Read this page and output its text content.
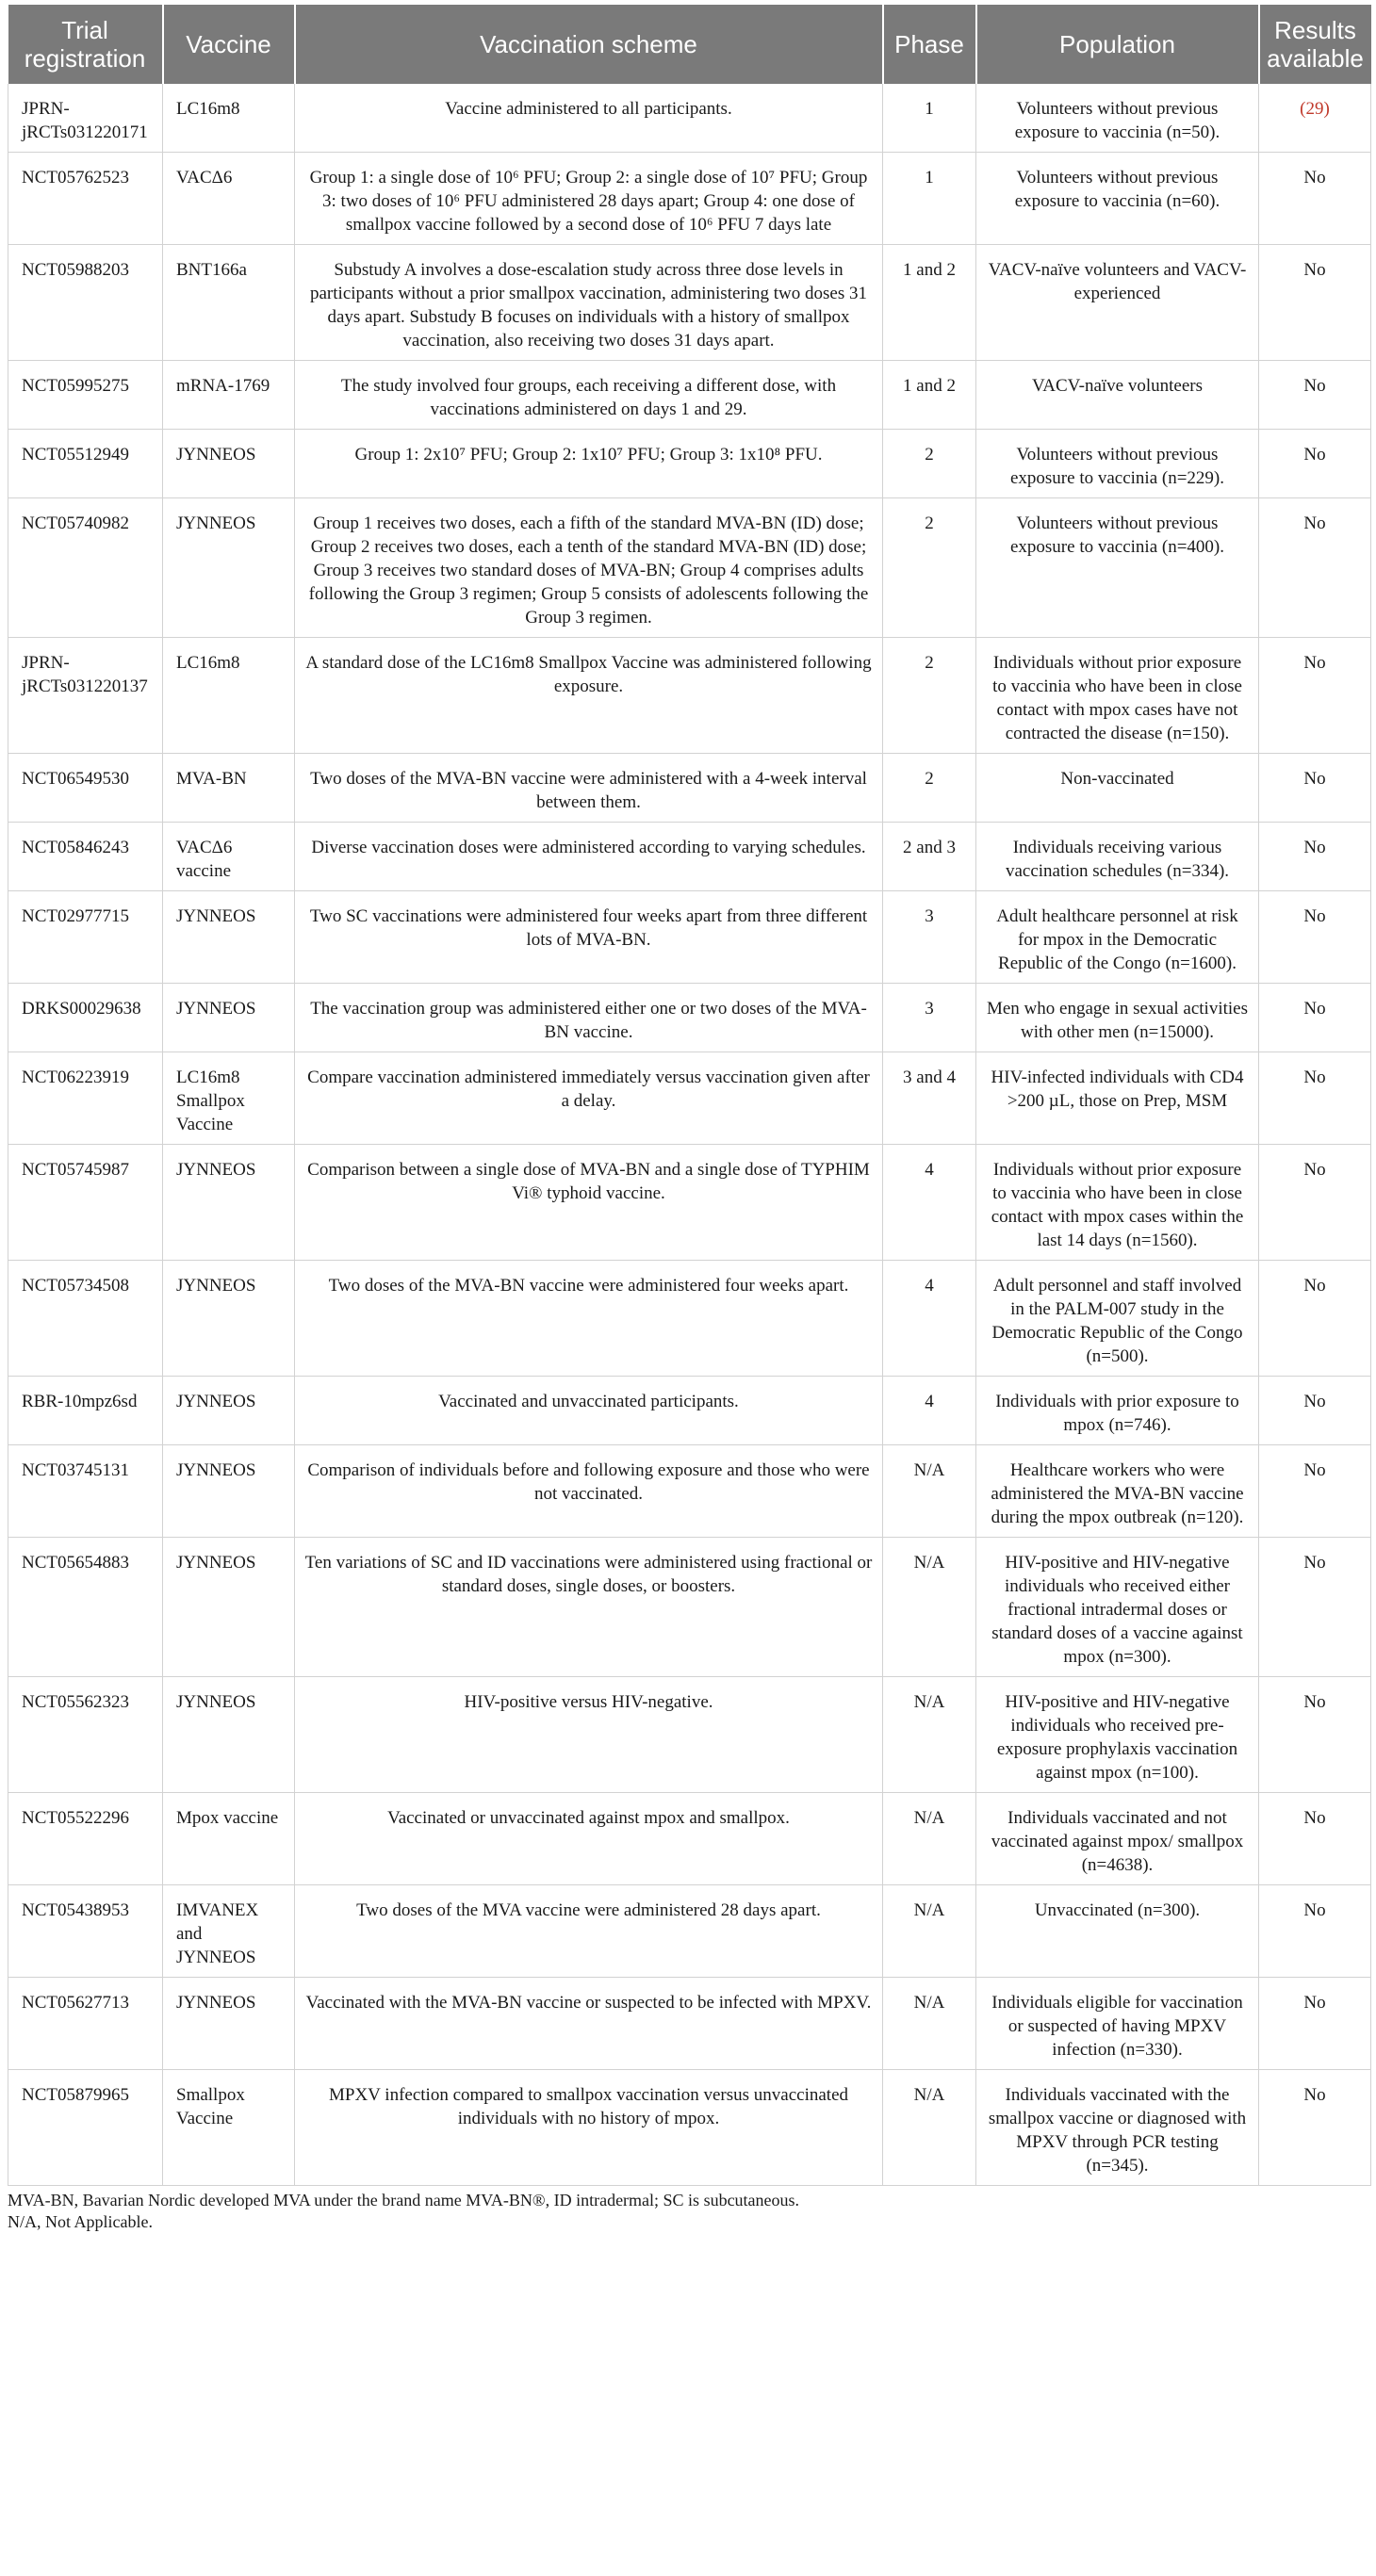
Trial registration	Vaccine	Vaccination scheme	Phase	Population	Results available
JPRN-jRCTs031220171	LC16m8	Vaccine administered to all participants.	1	Volunteers without previous exposure to vaccinia (n=50).	(29)
NCT05762523	VACΔ6	Group 1: a single dose of 10⁶ PFU; Group 2: a single dose of 10⁷ PFU; Group 3: two doses of 10⁶ PFU administered 28 days apart; Group 4: one dose of smallpox vaccine followed by a second dose of 10⁶ PFU 7 days late	1	Volunteers without previous exposure to vaccinia (n=60).	No
NCT05988203	BNT166a	Substudy A involves a dose-escalation study across three dose levels in participants without a prior smallpox vaccination, administering two doses 31 days apart. Substudy B focuses on individuals with a history of smallpox vaccination, also receiving two doses 31 days apart.	1 and 2	VACV-naïve volunteers and VACV-experienced	No
NCT05995275	mRNA-1769	The study involved four groups, each receiving a different dose, with vaccinations administered on days 1 and 29.	1 and 2	VACV-naïve volunteers	No
NCT05512949	JYNNEOS	Group 1: 2x10⁷ PFU; Group 2: 1x10⁷ PFU; Group 3: 1x10⁸ PFU.	2	Volunteers without previous exposure to vaccinia (n=229).	No
NCT05740982	JYNNEOS	Group 1 receives two doses, each a fifth of the standard MVA-BN (ID) dose; Group 2 receives two doses, each a tenth of the standard MVA-BN (ID) dose; Group 3 receives two standard doses of MVA-BN; Group 4 comprises adults following the Group 3 regimen; Group 5 consists of adolescents following the Group 3 regimen.	2	Volunteers without previous exposure to vaccinia (n=400).	No
JPRN-jRCTs031220137	LC16m8	A standard dose of the LC16m8 Smallpox Vaccine was administered following exposure.	2	Individuals without prior exposure to vaccinia who have been in close contact with mpox cases have not contracted the disease (n=150).	No
NCT06549530	MVA-BN	Two doses of the MVA-BN vaccine were administered with a 4-week interval between them.	2	Non-vaccinated	No
NCT05846243	VACΔ6 vaccine	Diverse vaccination doses were administered according to varying schedules.	2 and 3	Individuals receiving various vaccination schedules (n=334).	No
NCT02977715	JYNNEOS	Two SC vaccinations were administered four weeks apart from three different lots of MVA-BN.	3	Adult healthcare personnel at risk for mpox in the Democratic Republic of the Congo (n=1600).	No
DRKS00029638	JYNNEOS	The vaccination group was administered either one or two doses of the MVA-BN vaccine.	3	Men who engage in sexual activities with other men (n=15000).	No
NCT06223919	LC16m8 Smallpox Vaccine	Compare vaccination administered immediately versus vaccination given after a delay.	3 and 4	HIV-infected individuals with CD4 >200 µL, those on Prep, MSM	No
NCT05745987	JYNNEOS	Comparison between a single dose of MVA-BN and a single dose of TYPHIM Vi® typhoid vaccine.	4	Individuals without prior exposure to vaccinia who have been in close contact with mpox cases within the last 14 days (n=1560).	No
NCT05734508	JYNNEOS	Two doses of the MVA-BN vaccine were administered four weeks apart.	4	Adult personnel and staff involved in the PALM-007 study in the Democratic Republic of the Congo (n=500).	No
RBR-10mpz6sd	JYNNEOS	Vaccinated and unvaccinated participants.	4	Individuals with prior exposure to mpox (n=746).	No
NCT03745131	JYNNEOS	Comparison of individuals before and following exposure and those who were not vaccinated.	N/A	Healthcare workers who were administered the MVA-BN vaccine during the mpox outbreak (n=120).	No
NCT05654883	JYNNEOS	Ten variations of SC and ID vaccinations were administered using fractional or standard doses, single doses, or boosters.	N/A	HIV-positive and HIV-negative individuals who received either fractional intradermal doses or standard doses of a vaccine against mpox (n=300).	No
NCT05562323	JYNNEOS	HIV-positive versus HIV-negative.	N/A	HIV-positive and HIV-negative individuals who received pre-exposure prophylaxis vaccination against mpox (n=100).	No
NCT05522296	Mpox vaccine	Vaccinated or unvaccinated against mpox and smallpox.	N/A	Individuals vaccinated and not vaccinated against mpox/ smallpox (n=4638).	No
NCT05438953	IMVANEX and JYNNEOS	Two doses of the MVA vaccine were administered 28 days apart.	N/A	Unvaccinated (n=300).	No
NCT05627713	JYNNEOS	Vaccinated with the MVA-BN vaccine or suspected to be infected with MPXV.	N/A	Individuals eligible for vaccination or suspected of having MPXV infection (n=330).	No
NCT05879965	Smallpox Vaccine	MPXV infection compared to smallpox vaccination versus unvaccinated individuals with no history of mpox.	N/A	Individuals vaccinated with the smallpox vaccine or diagnosed with MPXV through PCR testing (n=345).	No

MVA-BN, Bavarian Nordic developed MVA under the brand name MVA-BN®, ID intradermal; SC is subcutaneous.

N/A, Not Applicable.
